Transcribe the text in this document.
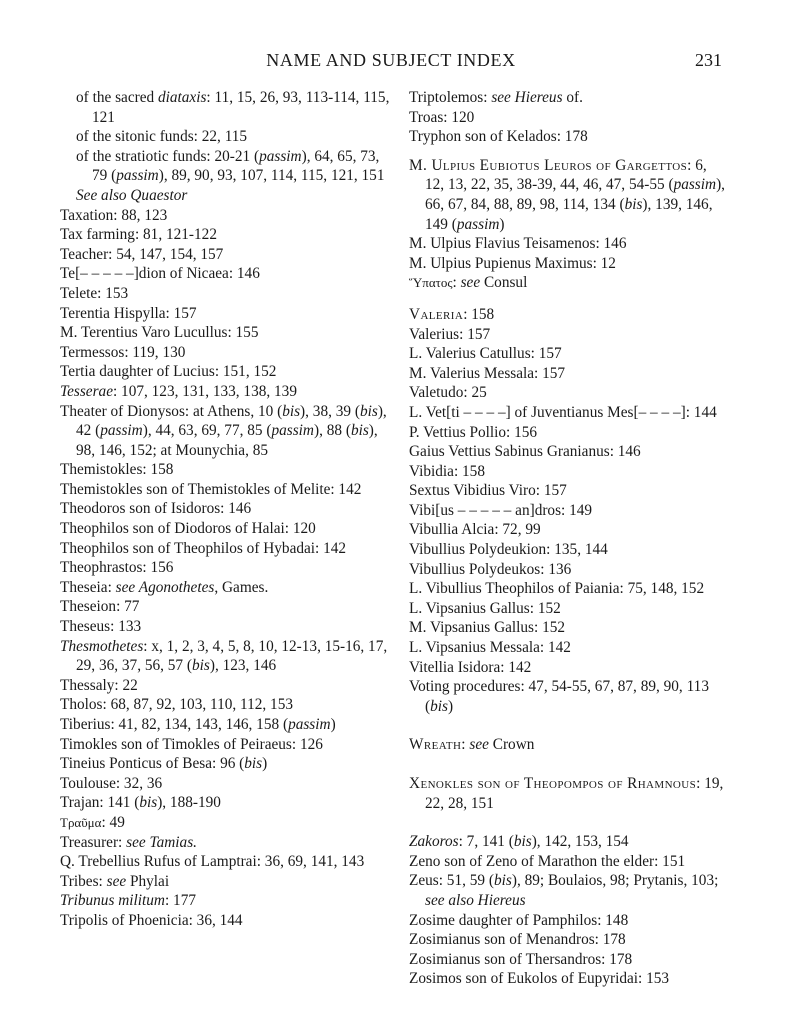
NAME AND SUBJECT INDEX	231
of the sacred diataxis: 11, 15, 26, 93, 113-114, 115, 121
of the sitonic funds: 22, 115
of the stratiotic funds: 20-21 (passim), 64, 65, 73, 79 (passim), 89, 90, 93, 107, 114, 115, 121, 151
See also Quaestor
Taxation: 88, 123
Tax farming: 81, 121-122
Teacher: 54, 147, 154, 157
Te[– – – – –]dion of Nicaea: 146
Telete: 153
Terentia Hispylla: 157
M. Terentius Varo Lucullus: 155
Termessos: 119, 130
Tertia daughter of Lucius: 151, 152
Tesserae: 107, 123, 131, 133, 138, 139
Theater of Dionysos: at Athens, 10 (bis), 38, 39 (bis), 42 (passim), 44, 63, 69, 77, 85 (passim), 88 (bis), 98, 146, 152; at Mounychia, 85
Themistokles: 158
Themistokles son of Themistokles of Melite: 142
Theodoros son of Isidoros: 146
Theophilos son of Diodoros of Halai: 120
Theophilos son of Theophilos of Hybadai: 142
Theophrastos: 156
Theseia: see Agonothetes, Games.
Theseion: 77
Theseus: 133
Thesmothetes: x, 1, 2, 3, 4, 5, 8, 10, 12-13, 15-16, 17, 29, 36, 37, 56, 57 (bis), 123, 146
Thessaly: 22
Tholos: 68, 87, 92, 103, 110, 112, 153
Tiberius: 41, 82, 134, 143, 146, 158 (passim)
Timokles son of Timokles of Peiraeus: 126
Tineius Ponticus of Besa: 96 (bis)
Toulouse: 32, 36
Trajan: 141 (bis), 188-190
Τραῦμα: 49
Treasurer: see Tamias.
Q. Trebellius Rufus of Lamptrai: 36, 69, 141, 143
Tribes: see Phylai
Tribunus militum: 177
Tripolis of Phoenicia: 36, 144
Triptolemos: see Hiereus of.
Troas: 120
Tryphon son of Kelados: 178
M. Ulpius Eubiotus Leuros of Gargettos: 6, 12, 13, 22, 35, 38-39, 44, 46, 47, 54-55 (passim), 66, 67, 84, 88, 89, 98, 114, 134 (bis), 139, 146, 149 (passim)
M. Ulpius Flavius Teisamenos: 146
M. Ulpius Pupienus Maximus: 12
Ὕπατος: see Consul
Valeria: 158
Valerius: 157
L. Valerius Catullus: 157
M. Valerius Messala: 157
Valetudo: 25
L. Vet[ti – – – –] of Juventianus Mes[– – – –]: 144
P. Vettius Pollio: 156
Gaius Vettius Sabinus Granianus: 146
Vibidia: 158
Sextus Vibidius Viro: 157
Vibi[us – – – – – an]dros: 149
Vibullia Alcia: 72, 99
Vibullius Polydeukion: 135, 144
Vibullius Polydeukos: 136
L. Vibullius Theophilos of Paiania: 75, 148, 152
L. Vipsanius Gallus: 152
M. Vipsanius Gallus: 152
L. Vipsanius Messala: 142
Vitellia Isidora: 142
Voting procedures: 47, 54-55, 67, 87, 89, 90, 113 (bis)
Wreath: see Crown
Xenokles son of Theopompos of Rhamnous: 19, 22, 28, 151
Zakoros: 7, 141 (bis), 142, 153, 154
Zeno son of Zeno of Marathon the elder: 151
Zeus: 51, 59 (bis), 89; Boulaios, 98; Prytanis, 103; see also Hiereus
Zosime daughter of Pamphilos: 148
Zosimianus son of Menandros: 178
Zosimianus son of Thersandros: 178
Zosimos son of Eukolos of Eupyridai: 153
